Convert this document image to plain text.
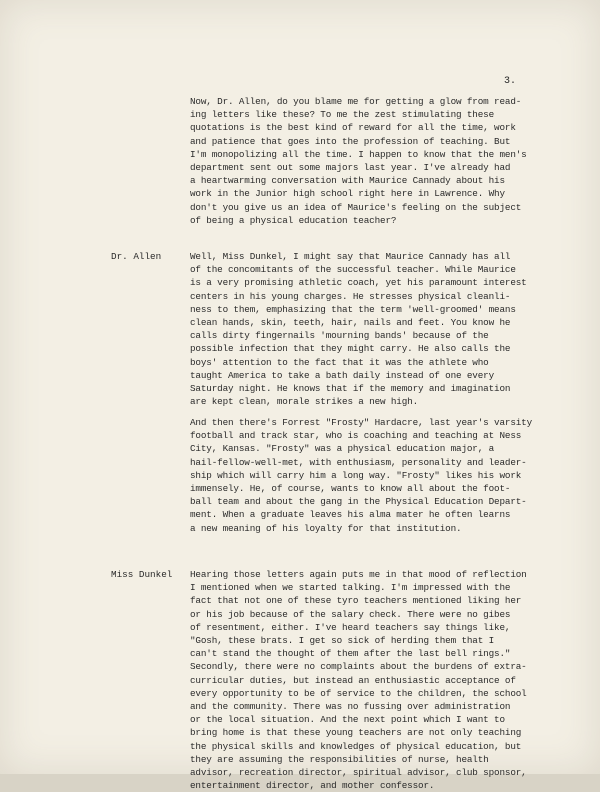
3.
Now, Dr. Allen, do you blame me for getting a glow from read-
ing letters like these? To me the zest stimulating these
quotations is the best kind of reward for all the time, work
and patience that goes into the profession of teaching. But
I'm monopolizing all the time. I happen to know that the men's
department sent out some majors last year. I've already had
a heartwarming conversation with Maurice Cannady about his
work in the Junior high school right here in Lawrence. Why
don't you give us an idea of Maurice's feeling on the subject
of being a physical education teacher?
Dr. Allen	Well, Miss Dunkel, I might say that Maurice Cannady has all
of the concomitants of the successful teacher. While Maurice
is a very promising athletic coach, yet his paramount interest
centers in his young charges. He stresses physical cleanli-
ness to them, emphasizing that the term 'well-groomed' means
clean hands, skin, teeth, hair, nails and feet. You know he
calls dirty fingernails 'mourning bands' because of the
possible infection that they might carry. He also calls the
boys' attention to the fact that it was the athlete who
taught America to take a bath daily instead of one every
Saturday night. He knows that if the memory and imagination
are kept clean, morale strikes a new high.
And then there's Forrest "Frosty" Hardacre, last year's varsity
football and track star, who is coaching and teaching at Ness
City, Kansas. "Frosty" was a physical education major, a
hail-fellow-well-met, with enthusiasm, personality and leader-
ship which will carry him a long way. "Frosty" likes his work
immensely. He, of course, wants to know all about the foot-
ball team and about the gang in the Physical Education Depart-
ment. When a graduate leaves his alma mater he often learns
a new meaning of his loyalty for that institution.
Miss Dunkel Hearing those letters again puts me in that mood of reflection
I mentioned when we started talking. I'm impressed with the
fact that not one of these tyro teachers mentioned liking her
or his job because of the salary check. There were no gibes
of resentment, either. I've heard teachers say things like,
"Gosh, these brats. I get so sick of herding them that I
can't stand the thought of them after the last bell rings."
Secondly, there were no complaints about the burdens of extra-
curricular duties, but instead an enthusiastic acceptance of
every opportunity to be of service to the children, the school
and the community. There was no fussing over administration
or the local situation. And the next point which I want to
bring home is that these young teachers are not only teaching
the physical skills and knowledges of physical education, but
they are assuming the responsibilities of nurse, health
advisor, recreation director, spiritual advisor, club sponsor,
entertainment director, and mother confessor.
